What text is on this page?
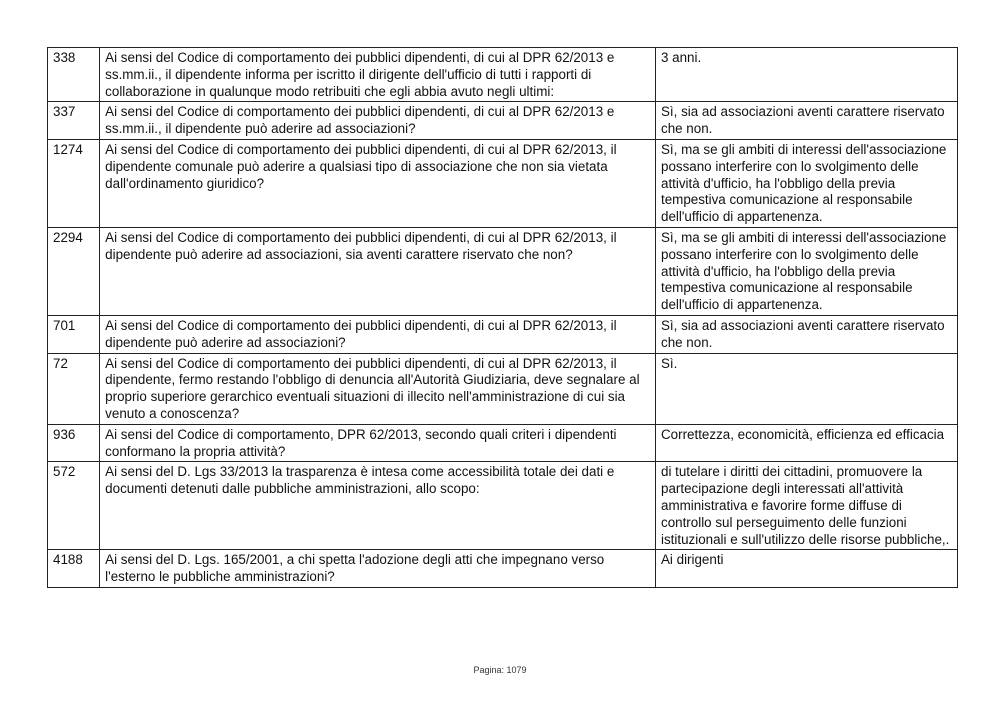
338	Ai sensi del Codice di comportamento dei pubblici dipendenti, di cui al DPR 62/2013 e ss.mm.ii., il dipendente informa per iscritto il dirigente dell'ufficio di tutti i rapporti di collaborazione in qualunque modo retribuiti che egli abbia avuto negli ultimi:	3 anni.
337	Ai sensi del Codice di comportamento dei pubblici dipendenti, di cui al DPR 62/2013 e ss.mm.ii., il dipendente può aderire ad associazioni?	Sì, sia ad associazioni aventi carattere riservato che non.
1274	Ai sensi del Codice di comportamento dei pubblici dipendenti, di cui al DPR 62/2013, il dipendente comunale può aderire a qualsiasi tipo di associazione che non sia vietata dall'ordinamento giuridico?	Sì, ma se gli ambiti di interessi dell'associazione possano interferire con lo svolgimento delle attività d'ufficio, ha l'obbligo della previa tempestiva comunicazione al responsabile dell'ufficio di appartenenza.
2294	Ai sensi del Codice di comportamento dei pubblici dipendenti, di cui al DPR 62/2013, il dipendente può aderire ad associazioni, sia aventi carattere riservato che non?	Sì, ma se gli ambiti di interessi dell'associazione possano interferire con lo svolgimento delle attività d'ufficio, ha l'obbligo della previa tempestiva comunicazione al responsabile dell'ufficio di appartenenza.
701	Ai sensi del Codice di comportamento dei pubblici dipendenti, di cui al DPR 62/2013, il dipendente può aderire ad associazioni?	Sì, sia ad associazioni aventi carattere riservato che non.
72	Ai sensi del Codice di comportamento dei pubblici dipendenti, di cui al DPR 62/2013, il dipendente, fermo restando l'obbligo di denuncia all'Autorità Giudiziaria, deve segnalare al proprio superiore gerarchico eventuali situazioni di illecito nell'amministrazione di cui sia venuto a conoscenza?	Sì.
936	Ai sensi del Codice di comportamento, DPR 62/2013, secondo quali criteri i dipendenti conformano la propria attività?	Correttezza, economicità, efficienza ed efficacia
572	Ai sensi del D. Lgs 33/2013 la trasparenza è intesa come accessibilità totale dei dati e documenti detenuti dalle pubbliche amministrazioni, allo scopo:	di tutelare i diritti dei cittadini, promuovere la partecipazione degli interessati all'attività amministrativa e favorire forme diffuse di controllo sul perseguimento delle funzioni istituzionali e sull'utilizzo delle risorse pubbliche,.
4188	Ai sensi del D. Lgs. 165/2001, a chi spetta l'adozione degli atti che impegnano verso l'esterno le pubbliche amministrazioni?	Ai dirigenti
Pagina: 1079
